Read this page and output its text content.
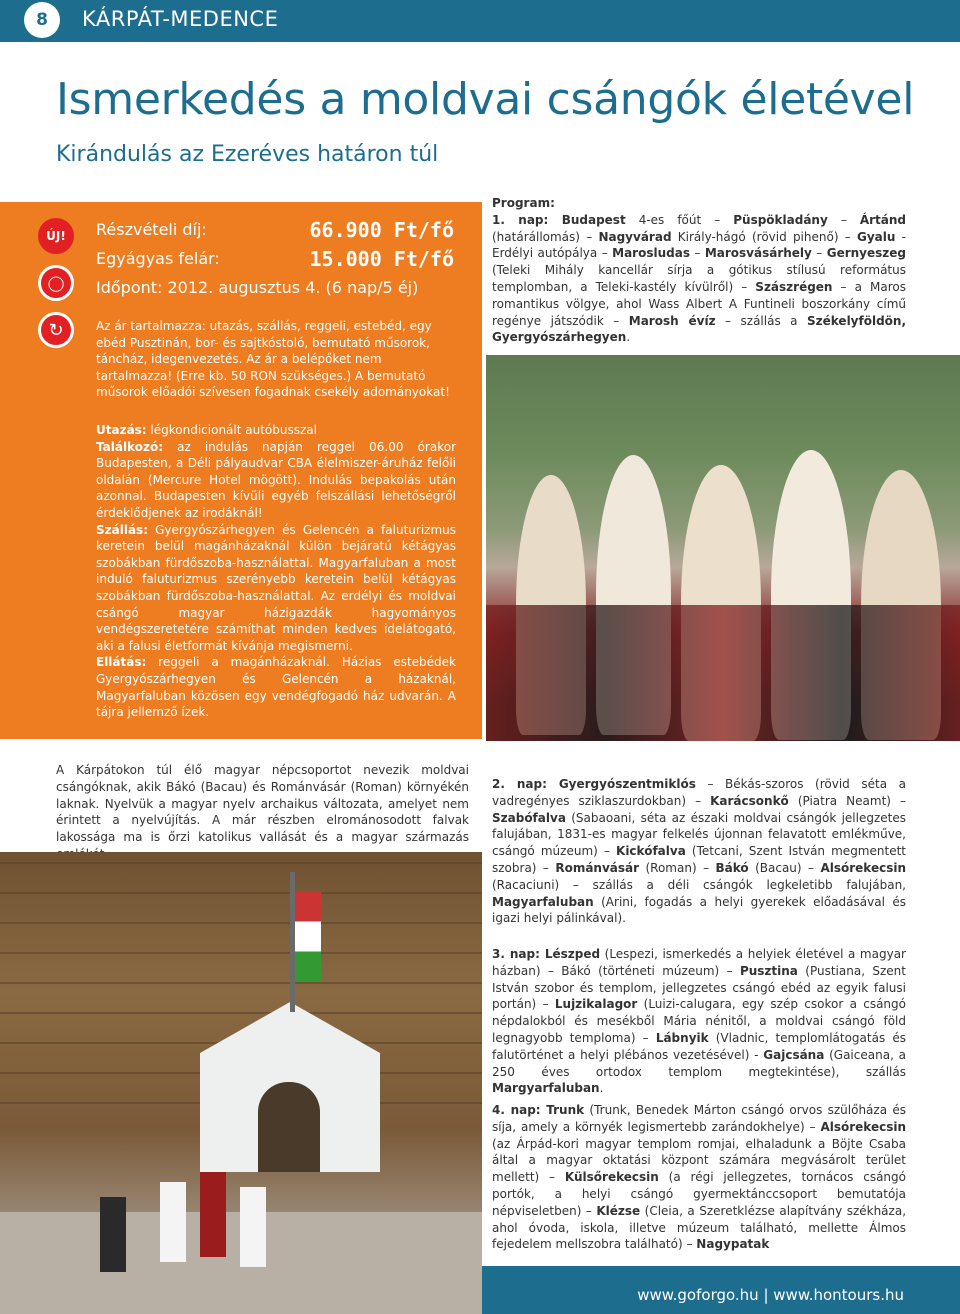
8	KÁRPÁT-MEDENCE
Ismerkedés a moldvai csángók életével
Kirándulás az Ezeréves határon túl
ÚJ!
◯
↻
Részvételi díj:	66.900 Ft/fő
Egyágyas felár:	15.000 Ft/fő
Időpont: 2012. augusztus 4. (6 nap/5 éj)
Az ár tartalmazza: utazás, szállás, reggeli, estebéd, egy ebéd Pusztinán, bor- és sajtkóstoló, bemutató műsorok, táncház, idegenvezetés. Az ár a belépőket nem tartalmazza! (Erre kb. 50 RON szükséges.) A bemutató műsorok előadói szívesen fogadnak csekély adományokat!
Utazás: légkondicionált autóbusszal
Találkozó: az indulás napján reggel 06.00 órakor Budapesten, a Déli pályaudvar CBA élelmiszer-áruház felőli oldalán (Mercure Hotel mögött). Indulás bepakolás után azonnal. Budapesten kívüli egyéb felszállási lehetőségről érdeklődjenek az irodáknál!
Szállás: Gyergyószárhegyen és Gelencén a faluturizmus keretein belül magánházaknál külön bejáratú kétágyas szobákban fürdőszoba-használattal. Magyarfaluban a most induló faluturizmus szerényebb keretein belül kétágyas szobákban fürdőszoba-használattal. Az erdélyi és moldvai csángó magyar házigazdák hagyományos vendégszeretetére számíthat minden kedves idelátogató, aki a falusi életformát kívánja megismerni.
Ellátás: reggeli a magánházaknál. Házias estebédek Gyergyószárhegyen és Gelencén a házaknál, Magyarfaluban közösen egy vendégfogadó ház udvarán. A tájra jellemző ízek.
A Kárpátokon túl élő magyar népcsoportot nevezik moldvai csángóknak, akik Bákó (Bacau) és Románvásár (Roman) környékén laknak. Nyelvük a magyar nyelv archaikus változata, amelyet nem érintett a nyelvújítás. A már részben elrománosodott falvak lakossága ma is őrzi katolikus vallását és a magyar származás
Program:
1. nap: Budapest 4-es főút – Püspökladány – Ártánd (határállomás) – Nagyvárad Király-hágó (rövid pihenő) – Gyalu - Erdélyi autópálya – Marosludas – Marosvásárhely – Gernyeszeg (Teleki Mihály kancellár sírja a gótikus stílusú református templomban, a Teleki-kastély kívülről) – Szászrégen – a Maros romantikus völgye, ahol Wass Albert A Funtineli boszorkány című regénye játszódik – Marosh évíz – szállás a Székelyföldön, Gyergyószárhegyen.
2. nap: Gyergyószentmiklós – Békás-szoros (rövid séta a vadregényes sziklaszurdokban) – Karácsonkő (Piatra Neamt) – Szabófalva (Sabaoani, séta az északi moldvai csángók jellegzetes falujában, 1831-es magyar felkelés újonnan felavatott emlékműve, csángó múzeum) – Kickófalva (Tetcani, Szent István megmentett szobra) – Románvásár (Roman) – Bákó (Bacau) – Alsórekecsin (Racaciuni) – szállás a déli csángók legkeletibb falujában, Magyarfaluban (Arini, fogadás a helyi gyerekek előadásával és igazi helyi pálinkával).
3. nap: Lészped (Lespezi, ismerkedés a helyiek életével a magyar házban) – Bákó (történeti múzeum) – Pusztina (Pustiana, Szent István szobor és templom, jellegzetes csángó ebéd az egyik falusi portán) – Lujzikalagor (Luizi-calugara, egy szép csokor a csángó népdalokból és mesékből Mária nénitől, a moldvai csángó föld legnagyobb temploma) – Lábnyik (Vladnic, templomlátogatás és falutörténet a helyi plébános vezetésével) - Gajcsána (Gaiceana, a 250 éves ortodox templom megtekintése), szállás Margyarfaluban.
4. nap: Trunk (Trunk, Benedek Márton csángó orvos szülőháza és síja, amely a környék legismertebb zarándokhelye) – Alsórekecsin (az Árpád-kori magyar templom romjai, elhaladunk a Böjte Csaba által a magyar oktatási központ számára megvásárolt terület mellett) – Külsőrekecsin (a régi jellegzetes, tornácos csángó portók, a helyi csángó gyermektánccsoport bemutatója népviseletben) – Klézse (Cleia, a Szeretklézse alapítvány székháza, ahol óvoda, iskola, illetve múzeum található, mellette Álmos fejedelem mellszobra található) – Nagypatak
www.goforgo.hu | www.hontours.hu
